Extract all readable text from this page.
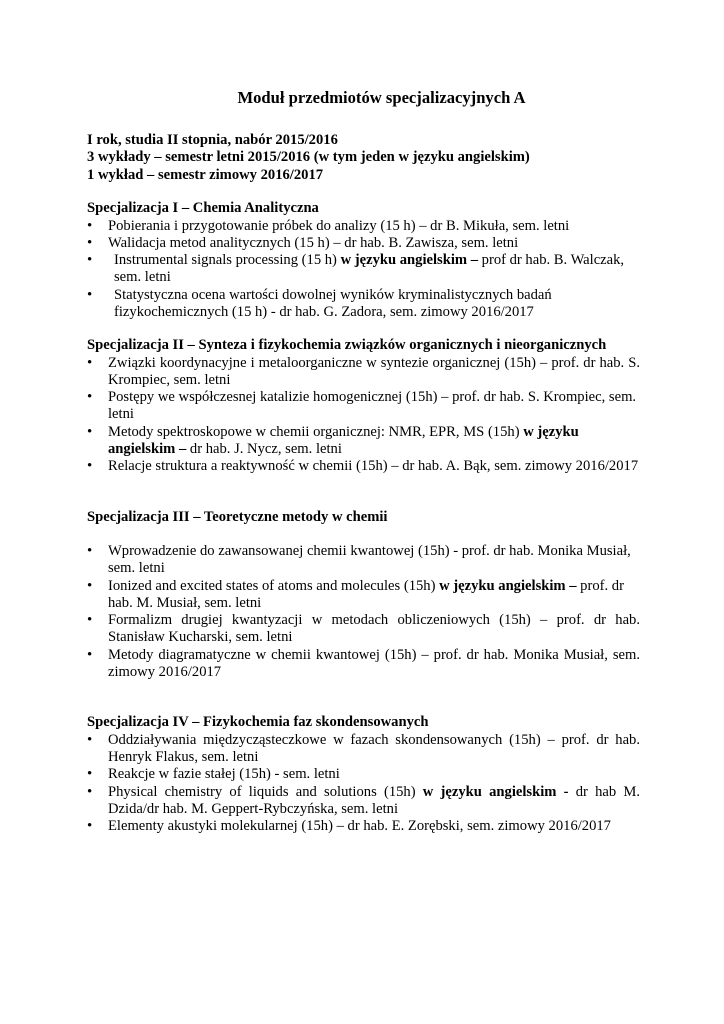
Moduł przedmiotów specjalizacyjnych A
I rok, studia II stopnia, nabór 2015/2016
3 wykłady – semestr letni 2015/2016 (w tym jeden w języku angielskim)
1 wykład – semestr zimowy 2016/2017
Specjalizacja I – Chemia Analityczna
• Pobierania i przygotowanie próbek do analizy (15 h) – dr B. Mikuła, sem. letni
• Walidacja metod analitycznych (15 h) – dr hab. B. Zawisza, sem. letni
• Instrumental signals processing (15 h) w języku angielskim – prof dr hab. B. Walczak, sem. letni
• Statystyczna ocena wartości dowolnej wyników kryminalistycznych badań fizykochemicznych (15 h) - dr hab. G. Zadora, sem. zimowy 2016/2017
Specjalizacja II – Synteza i fizykochemia związków organicznych i nieorganicznych
• Związki koordynacyjne i metaloorganiczne w syntezie organicznej (15h) – prof. dr hab. S. Krompiec, sem. letni
• Postępy we współczesnej katalizie homogenicznej (15h) – prof. dr hab. S. Krompiec, sem. letni
• Metody spektroskopowe w chemii organicznej: NMR, EPR, MS (15h) w języku angielskim – dr hab. J. Nycz, sem. letni
• Relacje struktura a reaktywność w chemii (15h) – dr hab. A. Bąk, sem. zimowy 2016/2017
Specjalizacja III – Teoretyczne metody w chemii
• Wprowadzenie do zawansowanej chemii kwantowej (15h) - prof. dr hab. Monika Musiał, sem. letni
• Ionized and excited states of atoms and molecules (15h) w języku angielskim – prof. dr hab. M. Musiał, sem. letni
• Formalizm drugiej kwantyzacji w metodach obliczeniowych (15h) – prof. dr hab. Stanisław Kucharski, sem. letni
• Metody diagramatyczne w chemii kwantowej (15h) – prof. dr hab. Monika Musiał, sem. zimowy 2016/2017
Specjalizacja IV – Fizykochemia faz skondensowanych
• Oddziaływania międzycząsteczkowe w fazach skondensowanych (15h) – prof. dr hab. Henryk Flakus, sem. letni
• Reakcje w fazie stałej (15h) - sem. letni
• Physical chemistry of liquids and solutions (15h) w języku angielskim - dr hab M. Dzida/dr hab. M. Geppert-Rybczyńska, sem. letni
• Elementy akustyki molekularnej (15h) – dr hab. E. Zorębski, sem. zimowy 2016/2017
